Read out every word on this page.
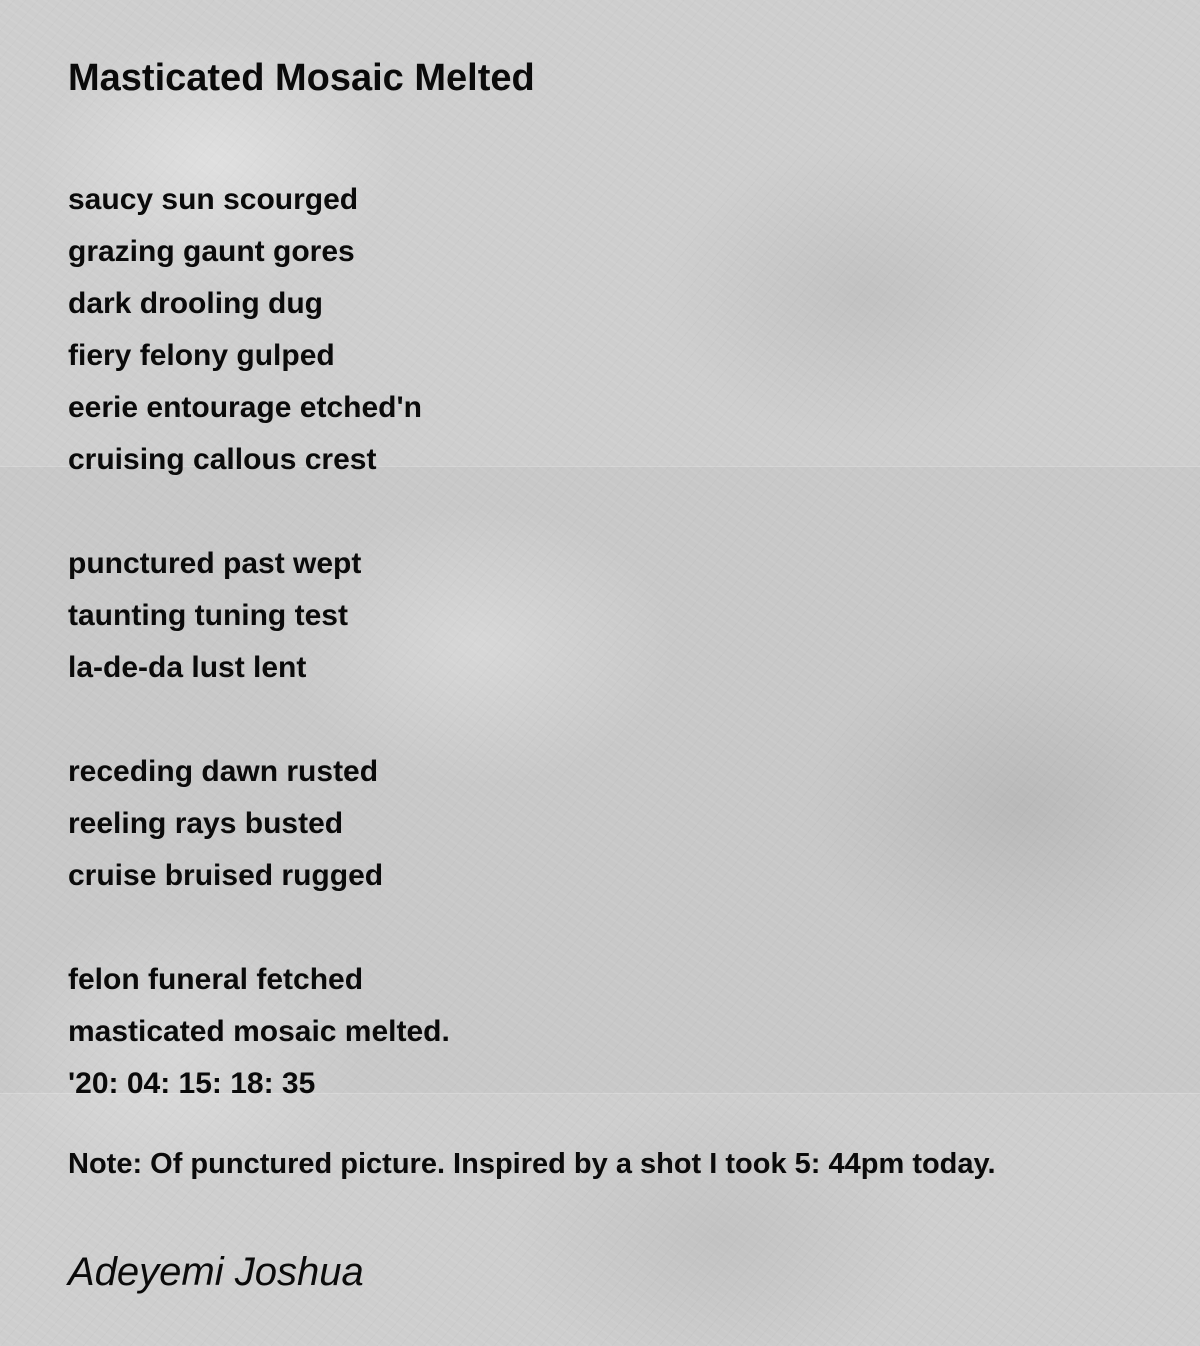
Masticated Mosaic Melted
saucy sun scourged
grazing gaunt gores
dark drooling dug
fiery felony gulped
eerie entourage etched'n
cruising callous crest
punctured past wept
taunting tuning test
la-de-da lust lent
receding dawn rusted
reeling rays busted
cruise bruised rugged
felon funeral fetched
masticated mosaic melted.
'20: 04: 15: 18: 35
Note: Of punctured picture. Inspired by a shot I took 5: 44pm today.
Adeyemi Joshua
